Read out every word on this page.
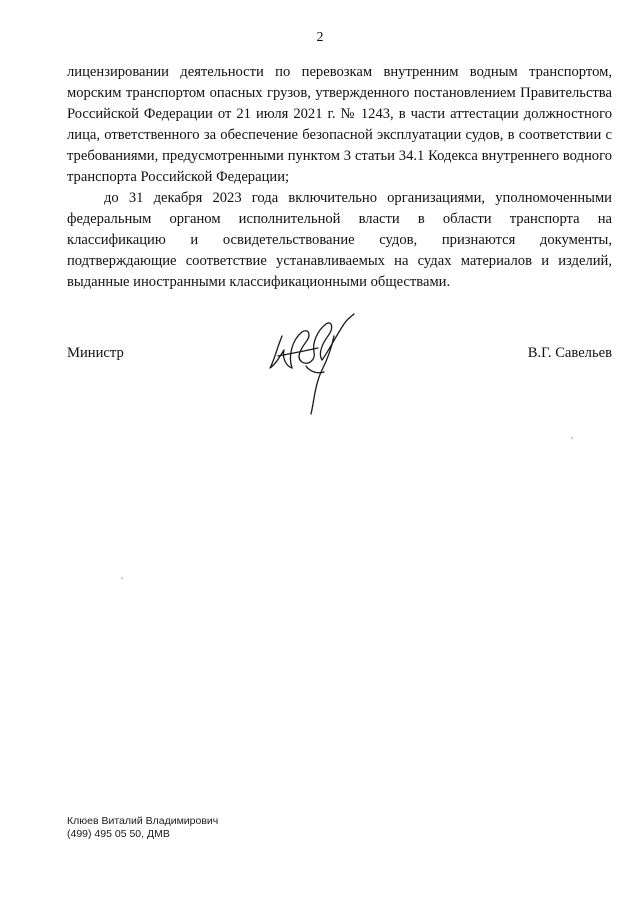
2

лицензировании деятельности по перевозкам внутренним водным транспортом, морским транспортом опасных грузов, утвержденного постановлением Правительства Российской Федерации от 21 июля 2021 г. № 1243, в части аттестации должностного лица, ответственного за обеспечение безопасной эксплуатации судов, в соответствии с требованиями, предусмотренными пунктом 3 статьи 34.1 Кодекса внутреннего водного транспорта Российской Федерации;

до 31 декабря 2023 года включительно организациями, уполномоченными федеральным органом исполнительной власти в области транспорта на классификацию и освидетельствование судов, признаются документы, подтверждающие соответствие устанавливаемых на судах материалов и изделий, выданные иностранными классификационными обществами.

Министр	В.Г. Савельев
Клюев Виталий Владимирович
(499) 495 05 50, ДМВ
